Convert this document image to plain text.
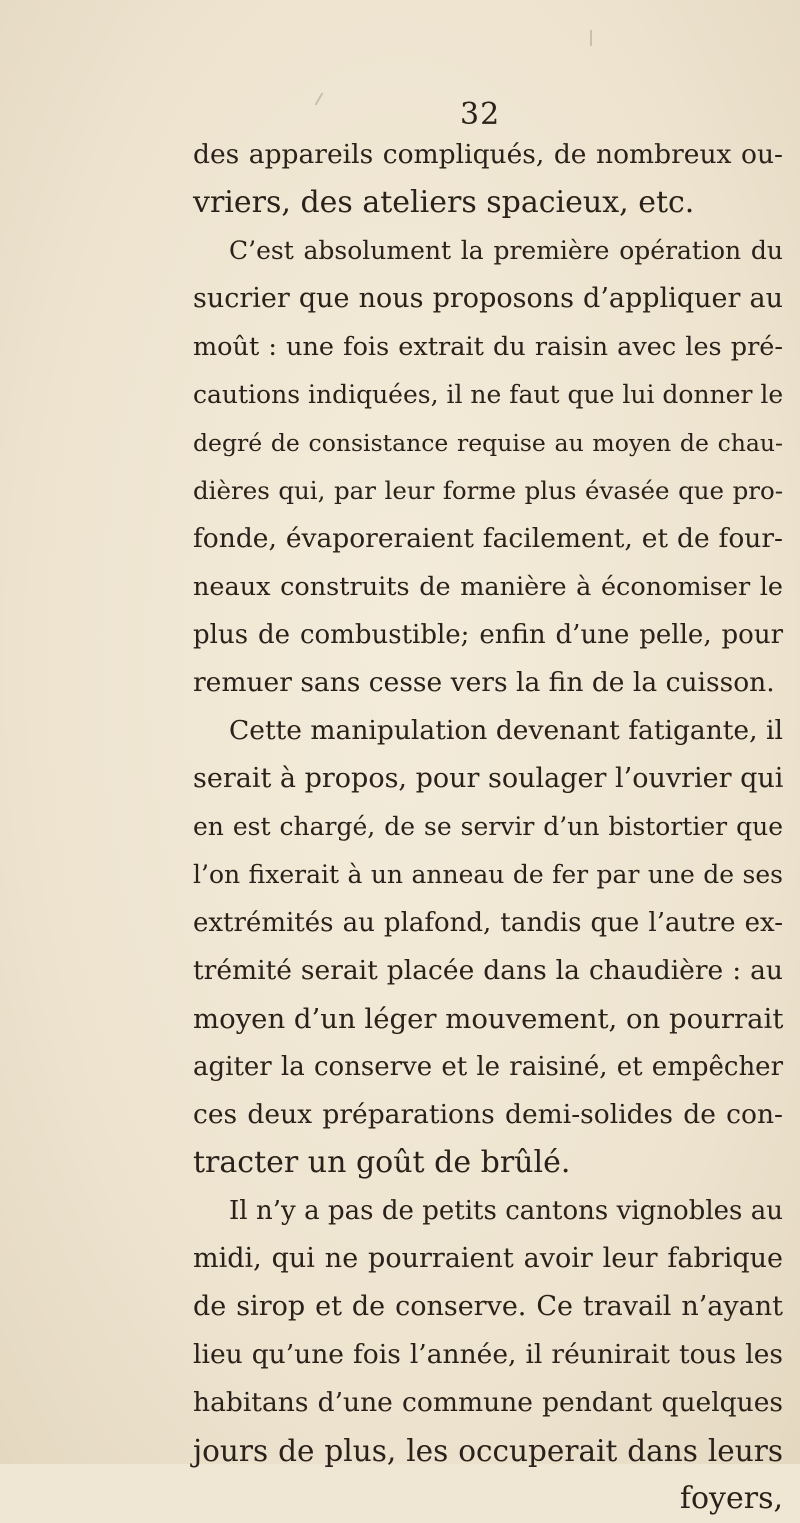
32
des appareils compliqués, de nombreux ou-
vriers, des ateliers spacieux, etc.
C’est absolument la première opération du
sucrier que nous proposons d’appliquer au
moût : une fois extrait du raisin avec les pré-
cautions indiquées, il ne faut que lui donner le
degré de consistance requise au moyen de chau-
dières qui, par leur forme plus évasée que pro-
fonde, évaporeraient facilement, et de four-
neaux construits de manière à économiser le
plus de combustible; enfin d’une pelle, pour
remuer sans cesse vers la fin de la cuisson.
Cette manipulation devenant fatigante, il
serait à propos, pour soulager l’ouvrier qui
en est chargé, de se servir d’un bistortier que
l’on fixerait à un anneau de fer par une de ses
extrémités au plafond, tandis que l’autre ex-
trémité serait placée dans la chaudière : au
moyen d’un léger mouvement, on pourrait
agiter la conserve et le raisiné, et empêcher
ces deux préparations demi-solides de con-
tracter un goût de brûlé.
Il n’y a pas de petits cantons vignobles au
midi, qui ne pourraient avoir leur fabrique
de sirop et de conserve. Ce travail n’ayant
lieu qu’une fois l’année, il réunirait tous les
habitans d’une commune pendant quelques
jours de plus, les occuperait dans leurs
foyers,
